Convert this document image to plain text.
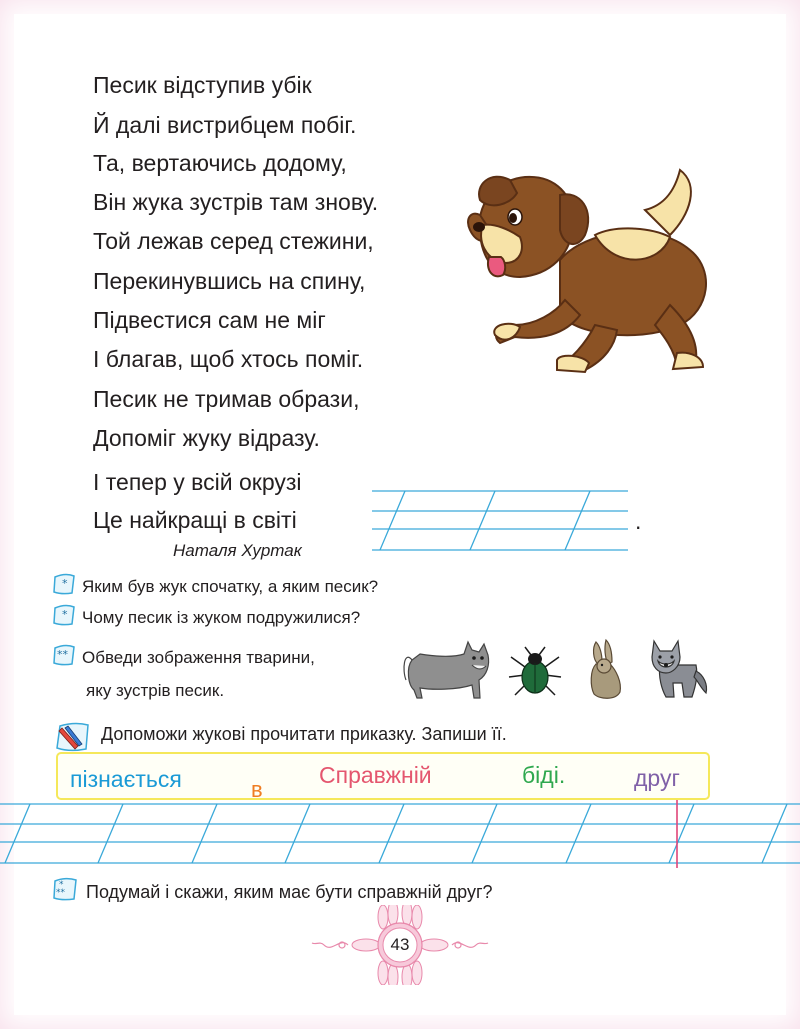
Песик відступив убік
Й далі вистрибцем побіг.
Та, вертаючись додому,
Він жука зустрів там знову.
Той лежав серед стежини,
Перекинувшись на спину,
Підвестися сам не міг
І благав, щоб хтось поміг.
Песик не тримав образи,
Допоміг жуку відразу.
І тепер у всій окрузі
Це найкращі в світі	.
Наталя Хуртак
* Яким був жук спочатку, а яким песик?
* Чому песик із жуком подружилися?
** Обведи зображення тварини,
яку зустрів песик.
Допоможи жукові прочитати приказку. Запиши її.
пізнається	в
Справжній	біді.	друг
*
** Подумай і скажи, яким має бути справжній друг?
43
